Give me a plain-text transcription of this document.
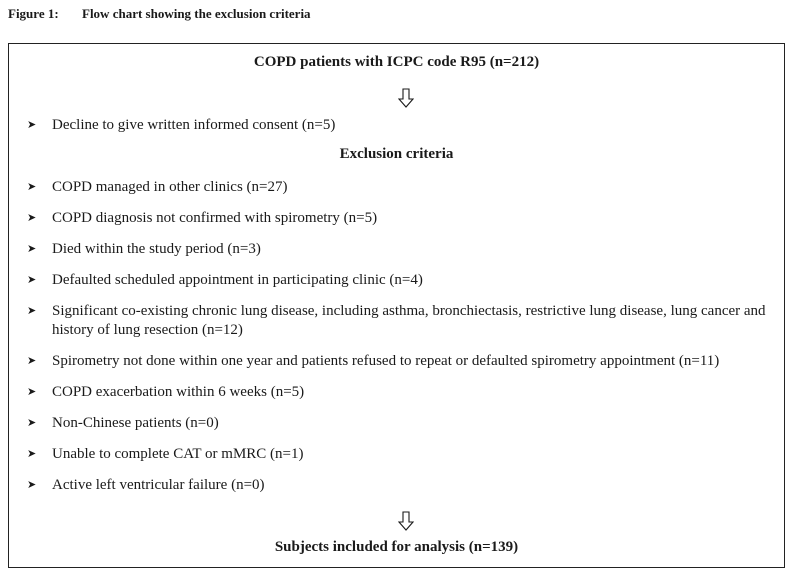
Figure 1: Flow chart showing the exclusion criteria
COPD patients with ICPC code R95 (n=212)
➤ Decline to give written informed consent (n=5)
Exclusion criteria
➤ COPD managed in other clinics (n=27)
➤ COPD diagnosis not confirmed with spirometry (n=5)
➤ Died within the study period (n=3)
➤ Defaulted scheduled appointment in participating clinic (n=4)
➤ Significant co-existing chronic lung disease, including asthma, bronchiectasis, restrictive lung disease, lung cancer and history of lung resection (n=12)
➤ Spirometry not done within one year and patients refused to repeat or defaulted spirometry appointment (n=11)
➤ COPD exacerbation within 6 weeks (n=5)
➤ Non-Chinese patients (n=0)
➤ Unable to complete CAT or mMRC (n=1)
➤ Active left ventricular failure (n=0)
Subjects included for analysis (n=139)
